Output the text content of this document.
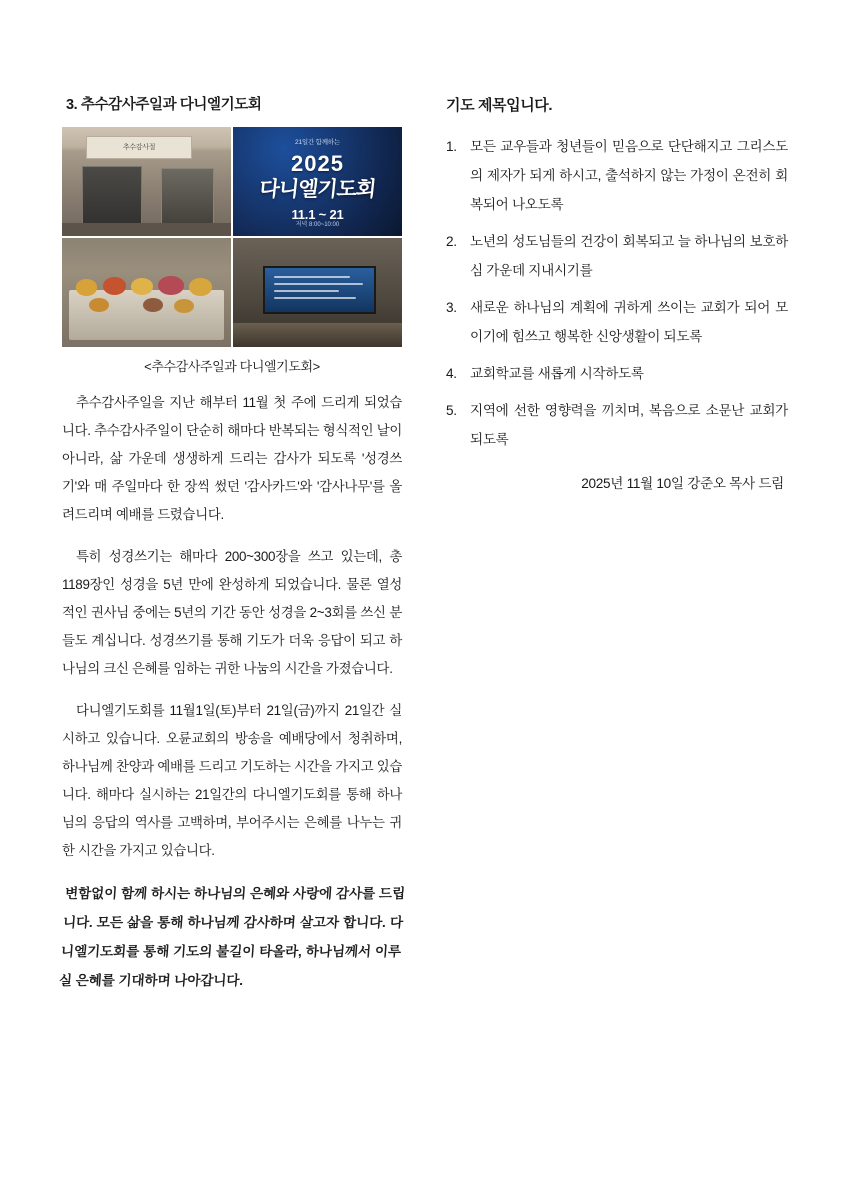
3. 추수감사주일과 다니엘기도회
추수감사절
21일간 함께하는
2025
다니엘기도회
11.1 ~ 21
저녁 8:00~10:00
<추수감사주일과 다니엘기도회>

추수감사주일을 지난 해부터 11월 첫 주에 드리게 되었습니다. 추수감사주일이 단순히 해마다 반복되는 형식적인 날이 아니라, 삶 가운데 생생하게 드리는 감사가 되도록 '성경쓰기'와 매 주일마다 한 장씩 썼던 '감사카드'와 '감사나무'를 올려드리며 예배를 드렸습니다.

특히 성경쓰기는 해마다 200~300장을 쓰고 있는데, 총 1189장인 성경을 5년 만에 완성하게 되었습니다. 물론 열성적인 권사님 중에는 5년의 기간 동안 성경을 2~3회를 쓰신 분들도 계십니다. 성경쓰기를 통해 기도가 더욱 응답이 되고 하나님의 크신 은혜를 임하는 귀한 나눔의 시간을 가졌습니다.

다니엘기도회를 11월1일(토)부터 21일(금)까지 21일간 실시하고 있습니다. 오륜교회의 방송을 예배당에서 청취하며, 하나님께 찬양과 예배를 드리고 기도하는 시간을 가지고 있습니다. 해마다 실시하는 21일간의 다니엘기도회를 통해 하나님의 응답의 역사를 고백하며, 부어주시는 은혜를 나누는 귀한 시간을 가지고 있습니다.

변함없이 함께 하시는 하나님의 은혜와 사랑에 감사를 드립니다. 모든 삶을 통해 하나님께 감사하며 살고자 합니다. 다니엘기도회를 통해 기도의 불길이 타올라, 하나님께서 이루실 은혜를 기대하며 나아갑니다.

기도 제목입니다.
1. 모든 교우들과 청년들이 믿음으로 단단해지고 그리스도의 제자가 되게 하시고, 출석하지 않는 가정이 온전히 회복되어 나오도록
2. 노년의 성도님들의 건강이 회복되고 늘 하나님의 보호하심 가운데 지내시기를
3. 새로운 하나님의 계획에 귀하게 쓰이는 교회가 되어 모이기에 힘쓰고 행복한 신앙생활이 되도록
4. 교회학교를 새롭게 시작하도록
5. 지역에 선한 영향력을 끼치며, 복음으로 소문난 교회가 되도록
2025년 11월 10일 강준오 목사 드림
